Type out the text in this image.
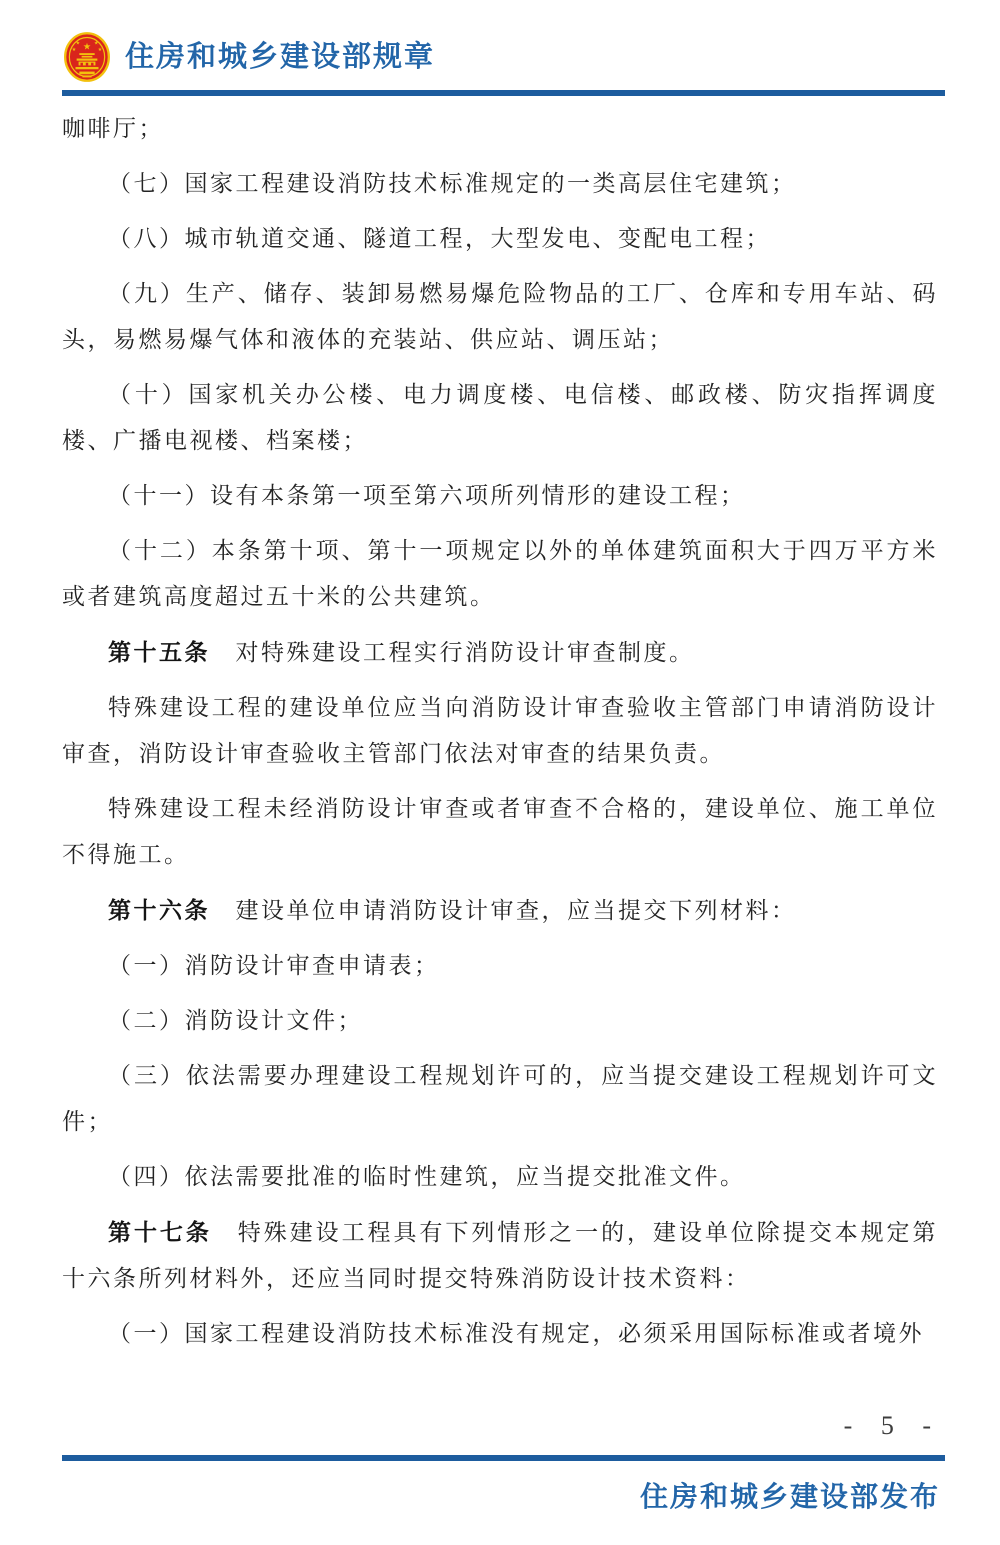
★
★ ★
★	★ 住房和城乡建设部规章

咖啡厅；

（七）国家工程建设消防技术标准规定的一类高层住宅建筑；

（八）城市轨道交通、隧道工程，大型发电、变配电工程；

（九）生产、储存、装卸易燃易爆危险物品的工厂、仓库和专用车站、码头，易燃易爆气体和液体的充装站、供应站、调压站；

（十）国家机关办公楼、电力调度楼、电信楼、邮政楼、防灾指挥调度楼、广播电视楼、档案楼；

（十一）设有本条第一项至第六项所列情形的建设工程；

（十二）本条第十项、第十一项规定以外的单体建筑面积大于四万平方米或者建筑高度超过五十米的公共建筑。

第十五条　 对特殊建设工程实行消防设计审查制度。

特殊建设工程的建设单位应当向消防设计审查验收主管部门申请消防设计审查，消防设计审查验收主管部门依法对审查的结果负责。

特殊建设工程未经消防设计审查或者审查不合格的，建设单位、施工单位不得施工。

第十六条　 建设单位申请消防设计审查，应当提交下列材料：

（一）消防设计审查申请表；

（二）消防设计文件；

（三）依法需要办理建设工程规划许可的，应当提交建设工程规划许可文件；

（四）依法需要批准的临时性建筑，应当提交批准文件。

第十七条　 特殊建设工程具有下列情形之一的，建设单位除提交本规定第十六条所列材料外，还应当同时提交特殊消防设计技术资料：

（一）国家工程建设消防技术标准没有规定，必须采用国际标准或者境外

- 5 -
住房和城乡建设部发布
